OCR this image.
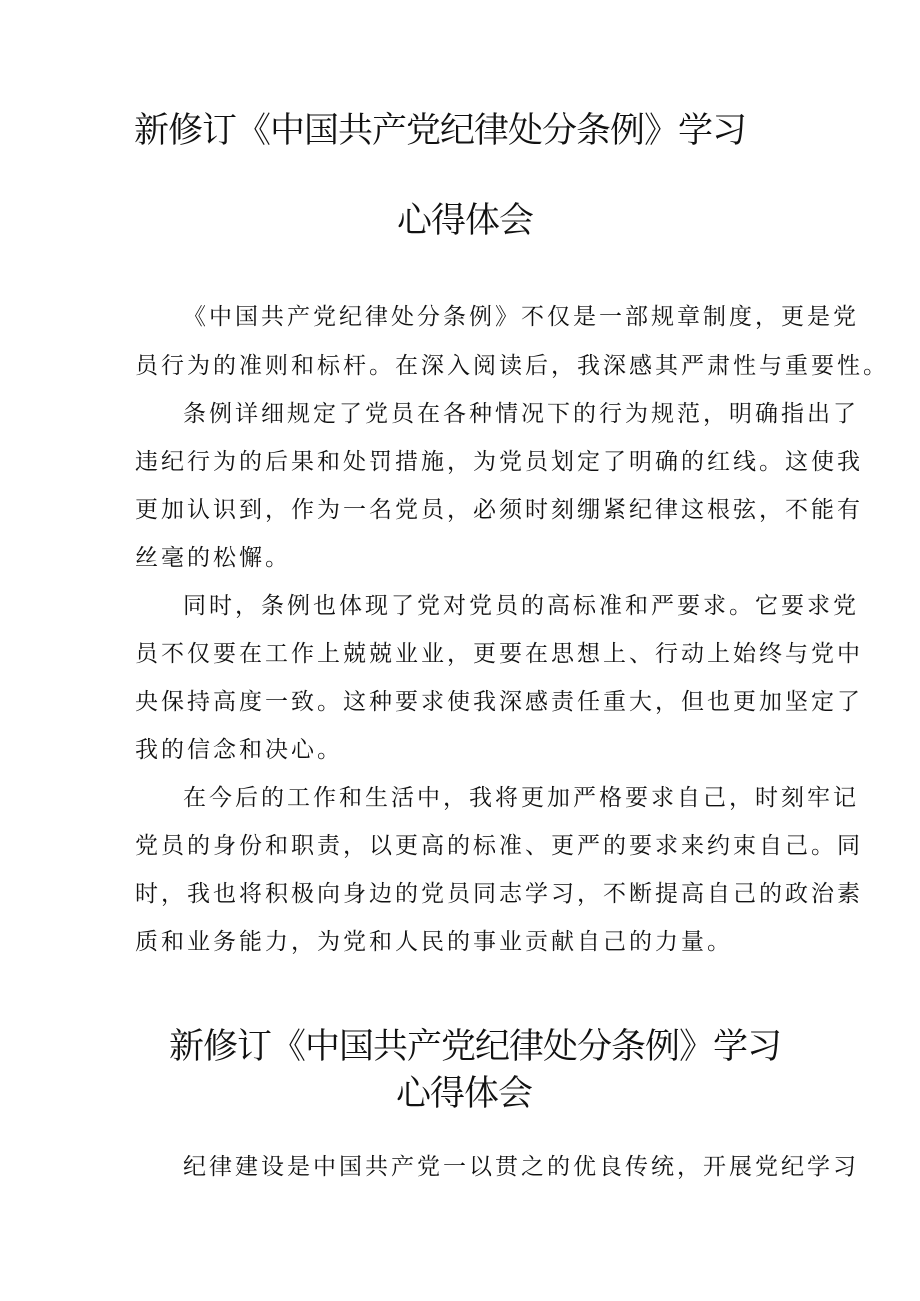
新修订《中国共产党纪律处分条例》学习
心得体会
《中国共产党纪律处分条例》不仅是一部规章制度，更是党
员行为的准则和标杆。在深入阅读后，我深感其严肃性与重要性。
条例详细规定了党员在各种情况下的行为规范，明确指出了
违纪行为的后果和处罚措施，为党员划定了明确的红线。这使我
更加认识到，作为一名党员，必须时刻绷紧纪律这根弦，不能有
丝毫的松懈。
同时，条例也体现了党对党员的高标准和严要求。它要求党
员不仅要在工作上兢兢业业，更要在思想上、行动上始终与党中
央保持高度一致。这种要求使我深感责任重大，但也更加坚定了
我的信念和决心。
在今后的工作和生活中，我将更加严格要求自己，时刻牢记
党员的身份和职责，以更高的标准、更严的要求来约束自己。同
时，我也将积极向身边的党员同志学习，不断提高自己的政治素
质和业务能力，为党和人民的事业贡献自己的力量。
新修订《中国共产党纪律处分条例》学习
心得体会
纪律建设是中国共产党一以贯之的优良传统，开展党纪学习
